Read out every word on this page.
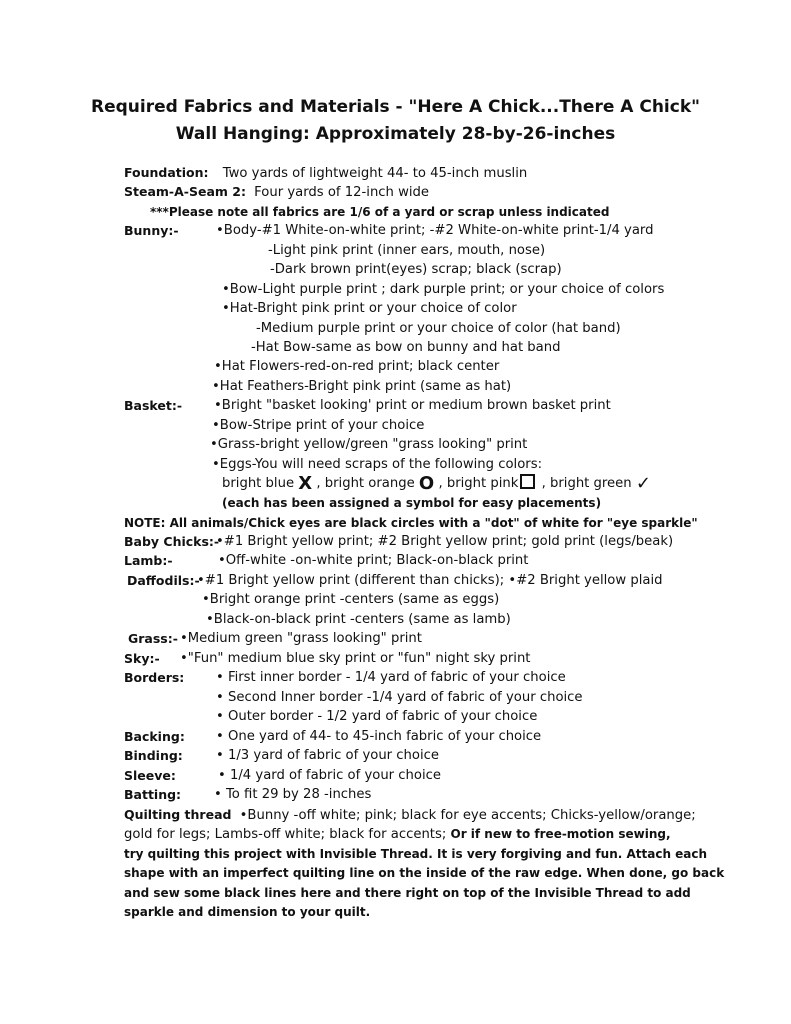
Required Fabrics and Materials - "Here A Chick...There A Chick"
Wall Hanging: Approximately 28-by-26-inches
Foundation: Two yards of lightweight 44- to 45-inch muslin
Steam-A-Seam 2: Four yards of 12-inch wide
***Please note all fabrics are 1/6 of a yard or scrap unless indicated
Bunny:-	•Body-#1 White-on-white print; -#2 White-on-white print-1/4 yard
-Light pink print (inner ears, mouth, nose)
-Dark brown print(eyes) scrap; black (scrap)
•Bow-Light purple print ; dark purple print; or your choice of colors
•Hat-Bright pink print or your choice of color
-Medium purple print or your choice of color (hat band)
-Hat Bow-same as bow on bunny and hat band
•Hat Flowers-red-on-red print; black center
•Hat Feathers-Bright pink print (same as hat)
Basket:- •Bright "basket looking' print or medium brown basket print
•Bow-Stripe print of your choice
•Grass-bright yellow/green "grass looking" print
•Eggs-You will need scraps of the following colors:
bright blue X , bright orange O , bright pink , bright green ✓
(each has been assigned a symbol for easy placements)
NOTE: All animals/Chick eyes are black circles with a "dot" of white for "eye sparkle"
Baby Chicks:-
•#1 Bright yellow print; #2 Bright yellow print; gold print (legs/beak)
Lamb:-	•Off-white -on-white print; Black-on-black print
Daffodils:-
•#1 Bright yellow print (different than chicks); •#2 Bright yellow plaid
•Bright orange print -centers (same as eggs)
•Black-on-black print -centers (same as lamb)
Grass:- •Medium green "grass looking" print
Sky:- •"Fun" medium blue sky print or "fun" night sky print
Borders: • First inner border - 1/4 yard of fabric of your choice
• Second Inner border -1/4 yard of fabric of your choice
• Outer border - 1/2 yard of fabric of your choice
Backing: • One yard of 44- to 45-inch fabric of your choice
Binding:	• 1/3 yard of fabric of your choice
Sleeve:	• 1/4 yard of fabric of your choice
Batting: • To fit 29 by 28 -inches
Quilting thread •Bunny -off white; pink; black for eye accents; Chicks-yellow/orange;
gold for legs; Lambs-off white; black for accents; Or if new to free-motion sewing,
try quilting this project with Invisible Thread. It is very forgiving and fun. Attach each
shape with an imperfect quilting line on the inside of the raw edge. When done, go back
and sew some black lines here and there right on top of the Invisible Thread to add
sparkle and dimension to your quilt.
